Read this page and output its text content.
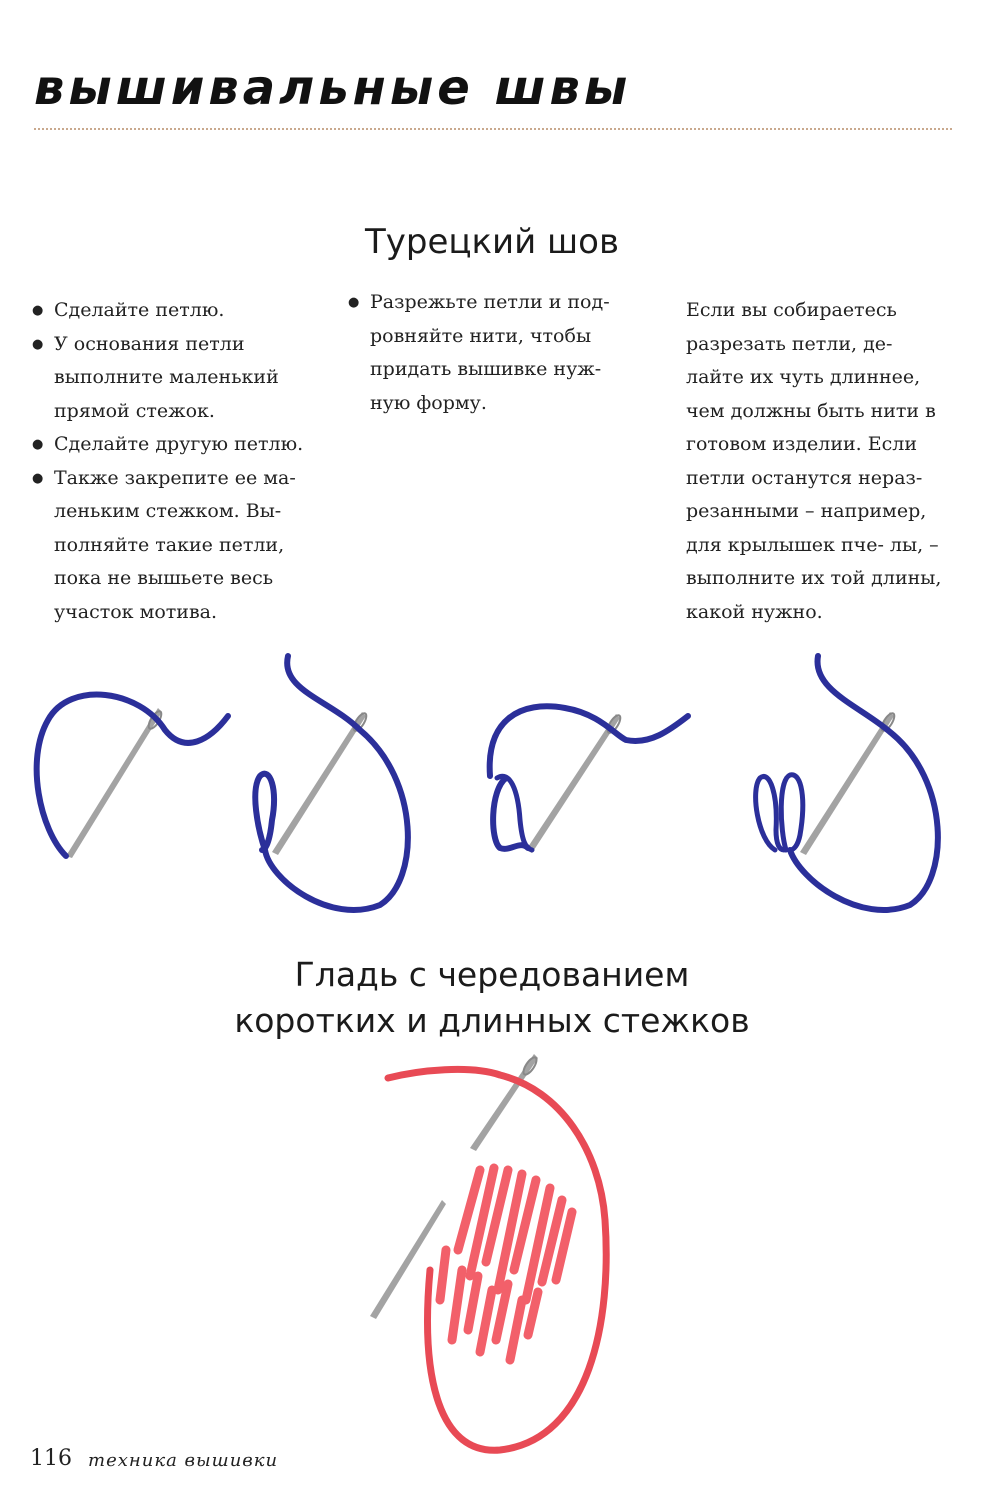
вышивальные швы
Турецкий шов
● Сделайте петлю.
● У основания петли выполните маленький прямой стежок.
● Сделайте другую петлю.
● Также закрепите ее ма‑ леньким стежком. Вы‑ полняйте такие петли, пока не вышьете весь участок мотива.
● Разрежьте петли и под‑ ровняйте нити, чтобы придать вышивке нуж‑ ную форму.

Если вы собираетесь разрезать петли, де‑ лайте их чуть длиннее, чем должны быть нити в готовом изделии. Если петли останутся нераз‑ резанными – например, для крылышек пче‑ лы, – выполните их той длины, какой нужно.

Гладь с чередованием
коротких и длинных стежков
116 техника вышивки
